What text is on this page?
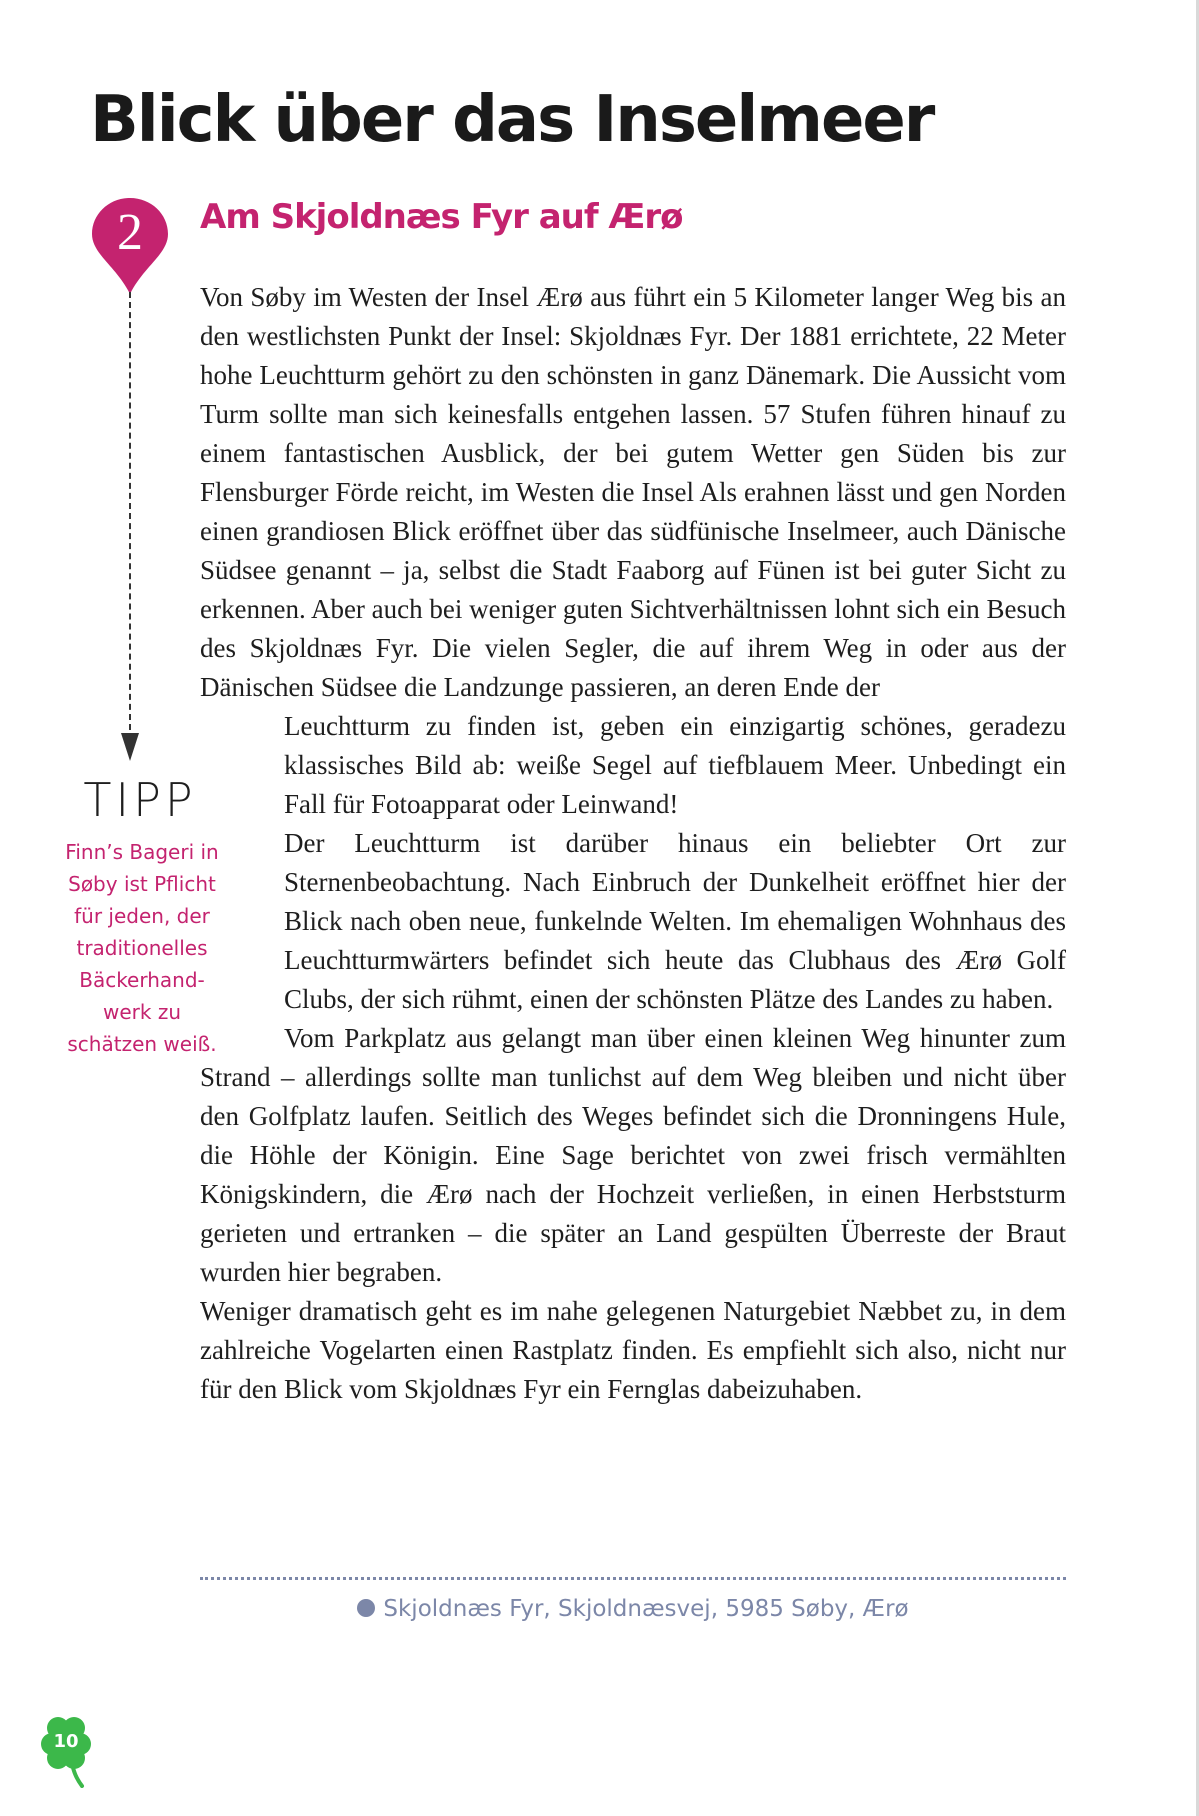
Blick über das Inselmeer
2	Am Skjoldnæs Fyr auf Ærø
TIPP
Finn’s Bageri in Søby ist Pflicht für jeden, der traditionelles Bäckerhandwerk zu schätzen weiß.

Von Søby im Westen der Insel Ærø aus führt ein 5 Kilometer langer Weg bis an den westlichsten Punkt der Insel: Skjoldnæs Fyr. Der 1881 errichtete, 22 Meter hohe Leuchtturm gehört zu den schönsten in ganz Dänemark. Die Aussicht vom Turm sollte man sich keinesfalls entgehen lassen. 57 Stufen führen hinauf zu einem fantastischen Ausblick, der bei gutem Wetter gen Süden bis zur Flensburger Förde reicht, im Westen die Insel Als erahnen lässt und gen Norden einen grandiosen Blick eröffnet über das südfünische Inselmeer, auch Dänische Südsee genannt – ja, selbst die Stadt Faaborg auf Fünen ist bei guter Sicht zu erkennen. Aber auch bei weniger guten Sichtverhältnissen lohnt sich ein Besuch des Skjoldnæs Fyr. Die vielen Segler, die auf ihrem Weg in oder aus der Dänischen Südsee die Landzunge passieren, an deren Ende der

Leuchtturm zu finden ist, geben ein einzigartig schönes, geradezu klassisches Bild ab: weiße Segel auf tiefblauem Meer. Unbedingt ein Fall für Fotoapparat oder Leinwand!

Der Leuchtturm ist darüber hinaus ein beliebter Ort zur Sternenbeobachtung. Nach Einbruch der Dunkelheit eröffnet hier der Blick nach oben neue, funkelnde Welten. Im ehemaligen Wohnhaus des Leuchtturmwärters befindet sich heute das Clubhaus des Ærø Golf Clubs, der sich rühmt, einen der schönsten Plätze des Landes zu haben.

Vom Parkplatz aus gelangt man über einen kleinen Weg hinunter zum Strand – allerdings sollte man tunlichst auf dem Weg bleiben und nicht über den Golfplatz laufen. Seitlich des Weges befindet sich die Dronningens Hule, die Höhle der Königin. Eine Sage berichtet von zwei frisch vermählten Königskindern, die Ærø nach der Hochzeit verließen, in einen Herbststurm gerieten und ertranken – die später an Land gespülten Überreste der Braut wurden hier begraben.

Weniger dramatisch geht es im nahe gelegenen Naturgebiet Næbbet zu, in dem zahlreiche Vogelarten einen Rastplatz finden. Es empfiehlt sich also, nicht nur für den Blick vom Skjoldnæs Fyr ein Fernglas dabeizuhaben.

Skjoldnæs Fyr, Skjoldnæsvej, 5985 Søby, Ærø
10
